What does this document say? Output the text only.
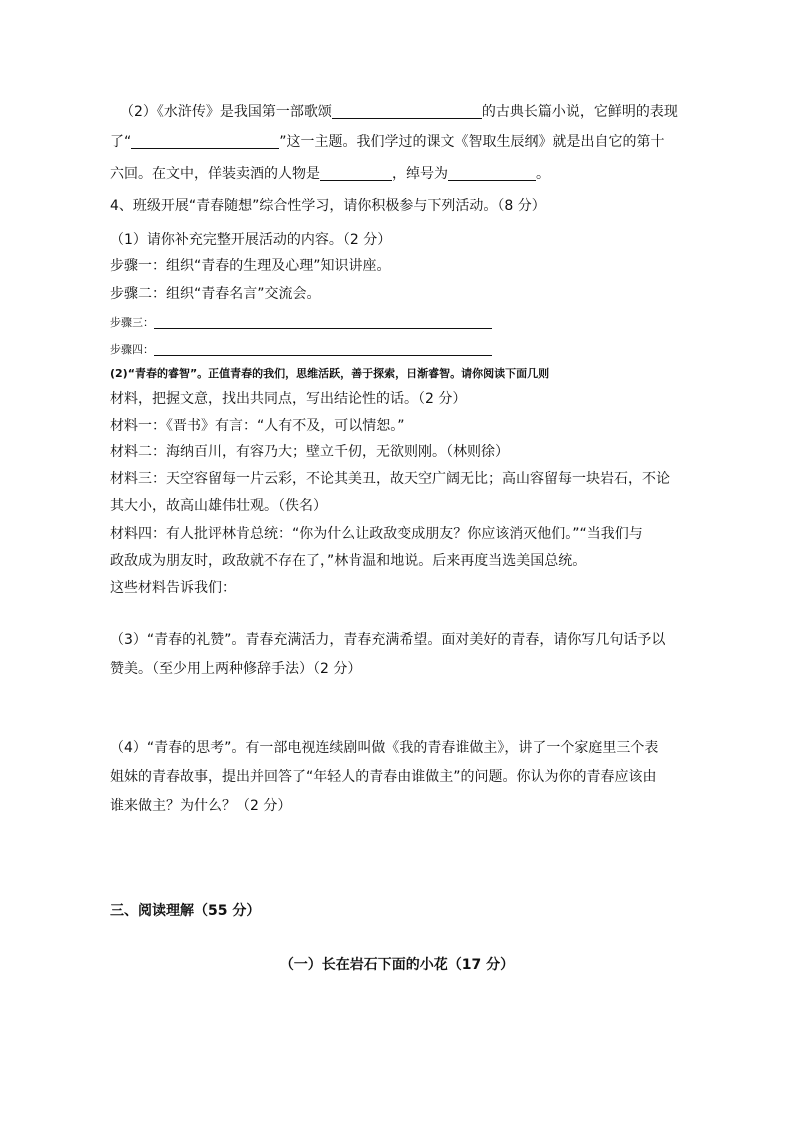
（2）《水浒传》是我国第一部歌颂	的古典长篇小说，它鲜明的表现
了“	”这一主题。我们学过的课文《智取生辰纲》就是出自它的第十
六回。在文中，佯装卖酒的人物是	，绰号为	。
4、班级开展“青春随想”综合性学习，请你积极参与下列活动。（8 分）
（1）请你补充完整开展活动的内容。（2 分）
步骤一：组织“青春的生理及心理”知识讲座。
步骤二：组织“青春名言”交流会。
步骤三：
步骤四：
(2)“青春的睿智”。正值青春的我们，思维活跃，善于探索，日渐睿智。请你阅读下面几则
材料，把握文意，找出共同点，写出结论性的话。（2 分）
材料一：《晋书》有言：“人有不及，可以情恕。”
材料二：海纳百川，有容乃大；壁立千仞，无欲则刚。（林则徐）
材料三：天空容留每一片云彩，不论其美丑，故天空广阔无比；高山容留每一块岩石，不论
其大小，故高山雄伟壮观。（佚名）
材料四：有人批评林肯总统：“你为什么让政敌变成朋友？你应该消灭他们。”“当我们与
政敌成为朋友时，政敌就不存在了，”林肯温和地说。后来再度当选美国总统。
这些材料告诉我们：
（3）“青春的礼赞”。青春充满活力，青春充满希望。面对美好的青春，请你写几句话予以
赞美。（至少用上两种修辞手法）（2 分）
（4）“青春的思考”。有一部电视连续剧叫做《我的青春谁做主》，讲了一个家庭里三个表
姐妹的青春故事，提出并回答了“年轻人的青春由谁做主”的问题。你认为你的青春应该由
谁来做主？为什么？（2 分）
三、阅读理解（55 分）
（一）长在岩石下面的小花（17 分）
